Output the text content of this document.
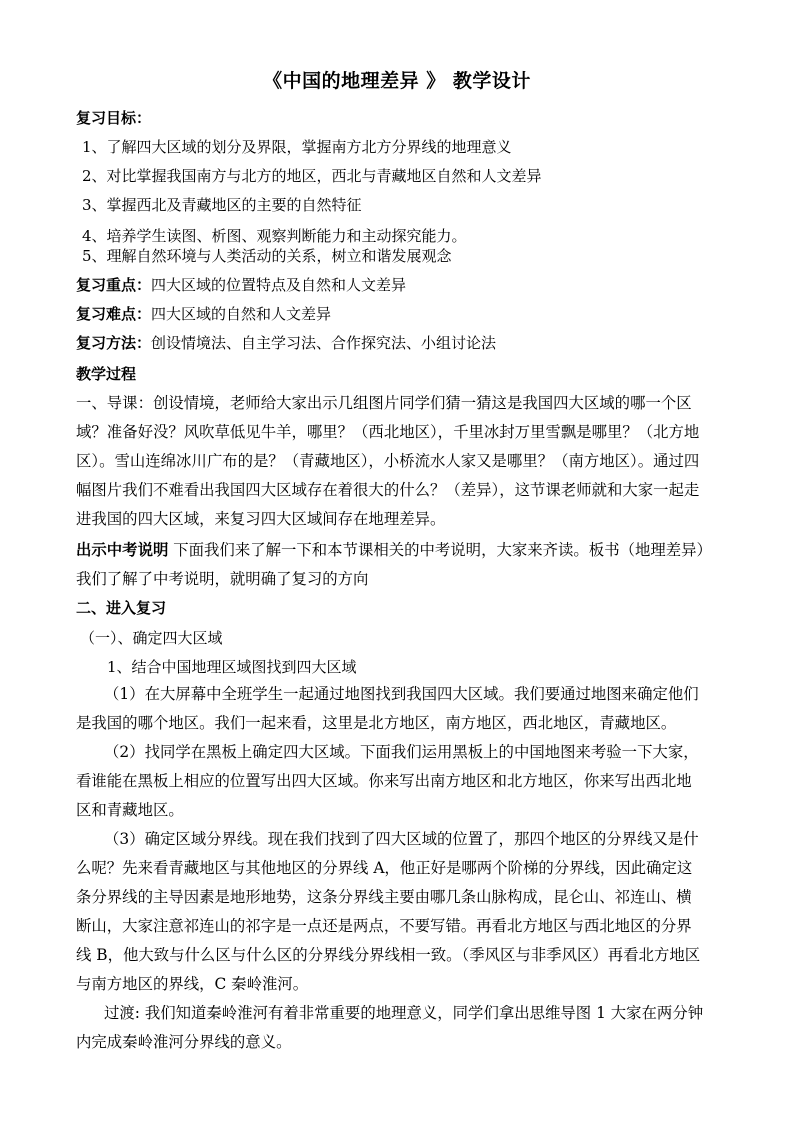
《中国的地理差异 》 教学设计
复习目标：
1、了解四大区域的划分及界限，掌握南方北方分界线的地理意义
2、对比掌握我国南方与北方的地区，西北与青藏地区自然和人文差异
3、掌握西北及青藏地区的主要的自然特征
4、培养学生读图、析图、观察判断能力和主动探究能力。
5、理解自然环境与人类活动的关系，树立和谐发展观念
复习重点：四大区域的位置特点及自然和人文差异
复习难点：四大区域的自然和人文差异
复习方法：创设情境法、自主学习法、合作探究法、小组讨论法
教学过程

一、导课：创设情境，老师给大家出示几组图片同学们猜一猜这是我国四大区域的哪一个区

域？准备好没？风吹草低见牛羊，哪里？（西北地区），千里冰封万里雪飘是哪里？（北方地

区）。雪山连绵冰川广布的是？（青藏地区），小桥流水人家又是哪里？（南方地区）。通过四

幅图片我们不难看出我国四大区域存在着很大的什么？（差异），这节课老师就和大家一起走

进我国的四大区域，来复习四大区域间存在地理差异。

出示中考说明 下面我们来了解一下和本节课相关的中考说明，大家来齐读。板书（地理差异）

我们了解了中考说明，就明确了复习的方向

二、进入复习
（一）、确定四大区域
1、结合中国地理区域图找到四大区域

（1）在大屏幕中全班学生一起通过地图找到我国四大区域。我们要通过地图来确定他们

是我国的哪个地区。我们一起来看，这里是北方地区，南方地区，西北地区，青藏地区。

（2）找同学在黑板上确定四大区域。下面我们运用黑板上的中国地图来考验一下大家，

看谁能在黑板上相应的位置写出四大区域。你来写出南方地区和北方地区，你来写出西北地

区和青藏地区。

（3）确定区域分界线。现在我们找到了四大区域的位置了，那四个地区的分界线又是什

么呢？先来看青藏地区与其他地区的分界线 A，他正好是哪两个阶梯的分界线，因此确定这

条分界线的主导因素是地形地势，这条分界线主要由哪几条山脉构成，昆仑山、祁连山、横

断山，大家注意祁连山的祁字是一点还是两点，不要写错。再看北方地区与西北地区的分界

线 B，他大致与什么区与什么区的分界线分界线相一致。（季风区与非季风区）再看北方地区

与南方地区的界线，C 秦岭淮河。

过渡: 我们知道秦岭淮河有着非常重要的地理意义，同学们拿出思维导图 1 大家在两分钟

内完成秦岭淮河分界线的意义。
